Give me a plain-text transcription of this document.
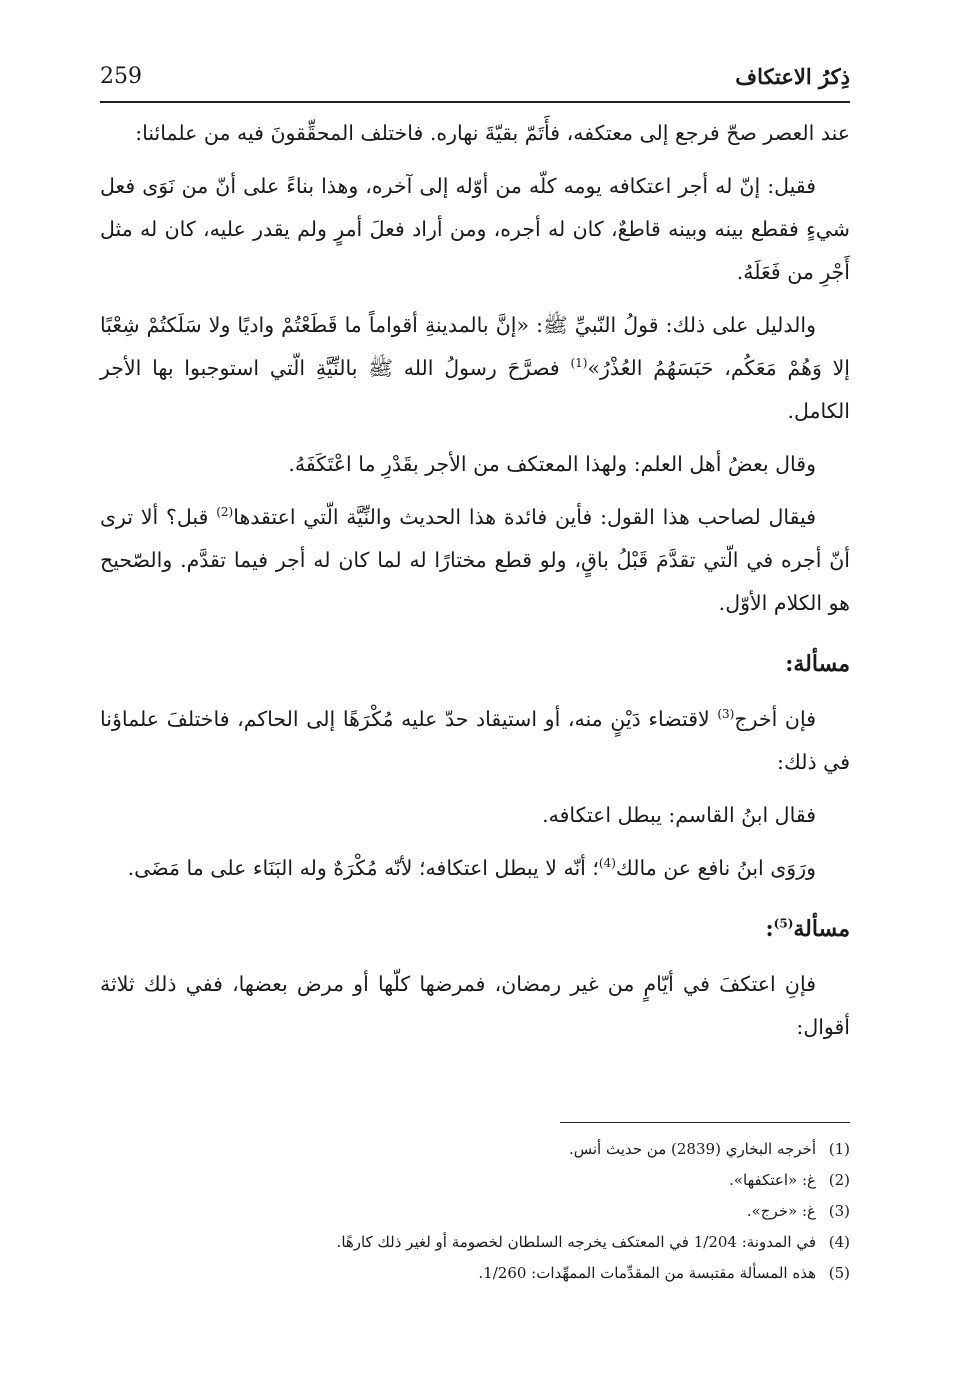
ذِكرُ الاعتكاف
259

عند العصر صحّ فرجع إلى معتكفه، فأَتَمّ بقيّةَ نهاره. فاختلف المحقِّقونَ فيه من علمائنا:

فقيل: إنّ له أجر اعتكافه يومه كلّه من أوّله إلى آخره، وهذا بناءً على أنّ من نَوَى فعل شيءٍ فقطع بينه وبينه قاطعٌ، كان له أجره، ومن أراد فعلَ أمرٍ ولم يقدر عليه، كان له مثل أَجْرِ من فَعَلَهُ.

والدليل على ذلك: قولُ النّبيِّ ﷺ: «إنَّ بالمدينةِ أقواماً ما قَطَعْتُمْ واديًا ولا سَلَكتُمْ شِعْبًا إلا وَهُمْ مَعَكُم، حَبَسَهُمُ العُذْرُ»$^{(1)}$ فصرَّحَ رسولُ الله ﷺ بالنِّيَّةِ الّتي استوجبوا بها الأجر الكامل.

وقال بعضُ أهل العلم: ولهذا المعتكف من الأجر بقَدْرِ ما اعْتَكَفَهُ.

فيقال لصاحب هذا القول: فأين فائدة هذا الحديث والنِّيَّة الّتي اعتقدها$^{(2)}$ قبل؟ ألا ترى أنّ أجره في الّتي تقدَّمَ قَبْلُ باقٍ، ولو قطع مختارًا له لما كان له أجر فيما تقدَّم. والصّحيح هو الكلام الأوّل.

مسألة:

فإن أخرج$^{(3)}$ لاقتضاء دَيْنٍ منه، أو استيقاد حدّ عليه مُكْرَهًا إلى الحاكم، فاختلفَ علماؤنا في ذلك:

فقال ابنُ القاسم: يبطل اعتكافه.

ورَوَى ابنُ نافع عن مالك$^{(4)}$؛ أنّه لا يبطل اعتكافه؛ لأنّه مُكْرَهٌ وله البَنَاء على ما مَضَى.

مسألة$^{(5)}$:

فإنِ اعتكفَ في أيّامٍ من غير رمضان، فمرضها كلّها أو مرض بعضها، ففي ذلك ثلاثة أقوال:

(1)
أخرجه البخاري (2839) من حديث أنس.
(2)
غ: «اعتكفها».
(3)
غ: «خرج».
(4)
في المدونة: 1/204 في المعتكف يخرجه السلطان لخصومة أو لغير ذلك كارهًا.
(5)
هذه المسألة مقتبسة من المقدِّمات الممهِّدات: 1/260.
